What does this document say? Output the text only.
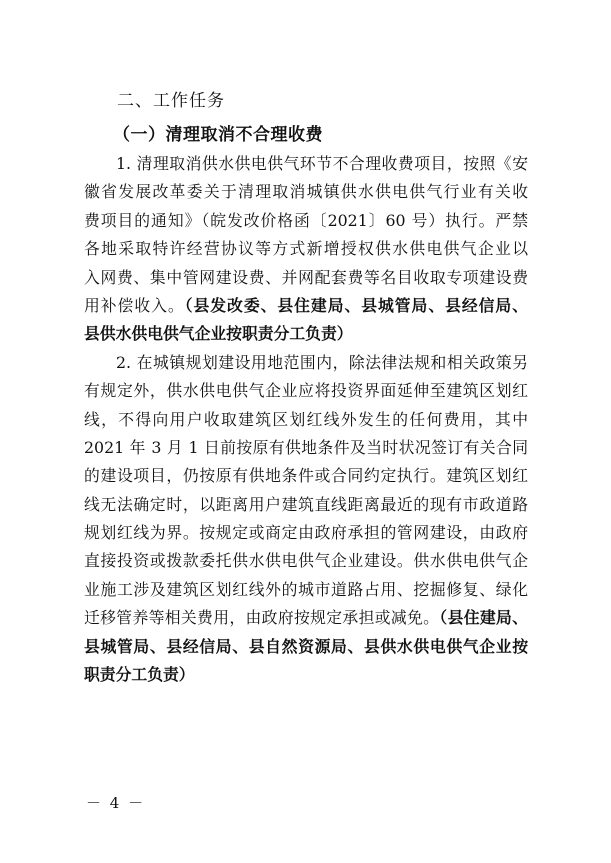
二、工作任务
（一）清理取消不合理收费
1. 清理取消供水供电供气环节不合理收费项目，按照《安
徽省发展改革委关于清理取消城镇供水供电供气行业有关收
费项目的通知》（皖发改价格函〔2021〕60 号）执行。严禁
各地采取特许经营协议等方式新增授权供水供电供气企业以
入网费、集中管网建设费、并网配套费等名目收取专项建设费
用补偿收入。（县发改委、县住建局、县城管局、县经信局、
县供水供电供气企业按职责分工负责）
2. 在城镇规划建设用地范围内，除法律法规和相关政策另
有规定外，供水供电供气企业应将投资界面延伸至建筑区划红
线，不得向用户收取建筑区划红线外发生的任何费用，其中
2021 年 3 月 1 日前按原有供地条件及当时状况签订有关合同
的建设项目，仍按原有供地条件或合同约定执行。建筑区划红
线无法确定时，以距离用户建筑直线距离最近的现有市政道路
规划红线为界。按规定或商定由政府承担的管网建设，由政府
直接投资或拨款委托供水供电供气企业建设。供水供电供气企
业施工涉及建筑区划红线外的城市道路占用、挖掘修复、绿化
迁移管养等相关费用，由政府按规定承担或减免。（县住建局、
县城管局、县经信局、县自然资源局、县供水供电供气企业按
职责分工负责）
－ 4 －
